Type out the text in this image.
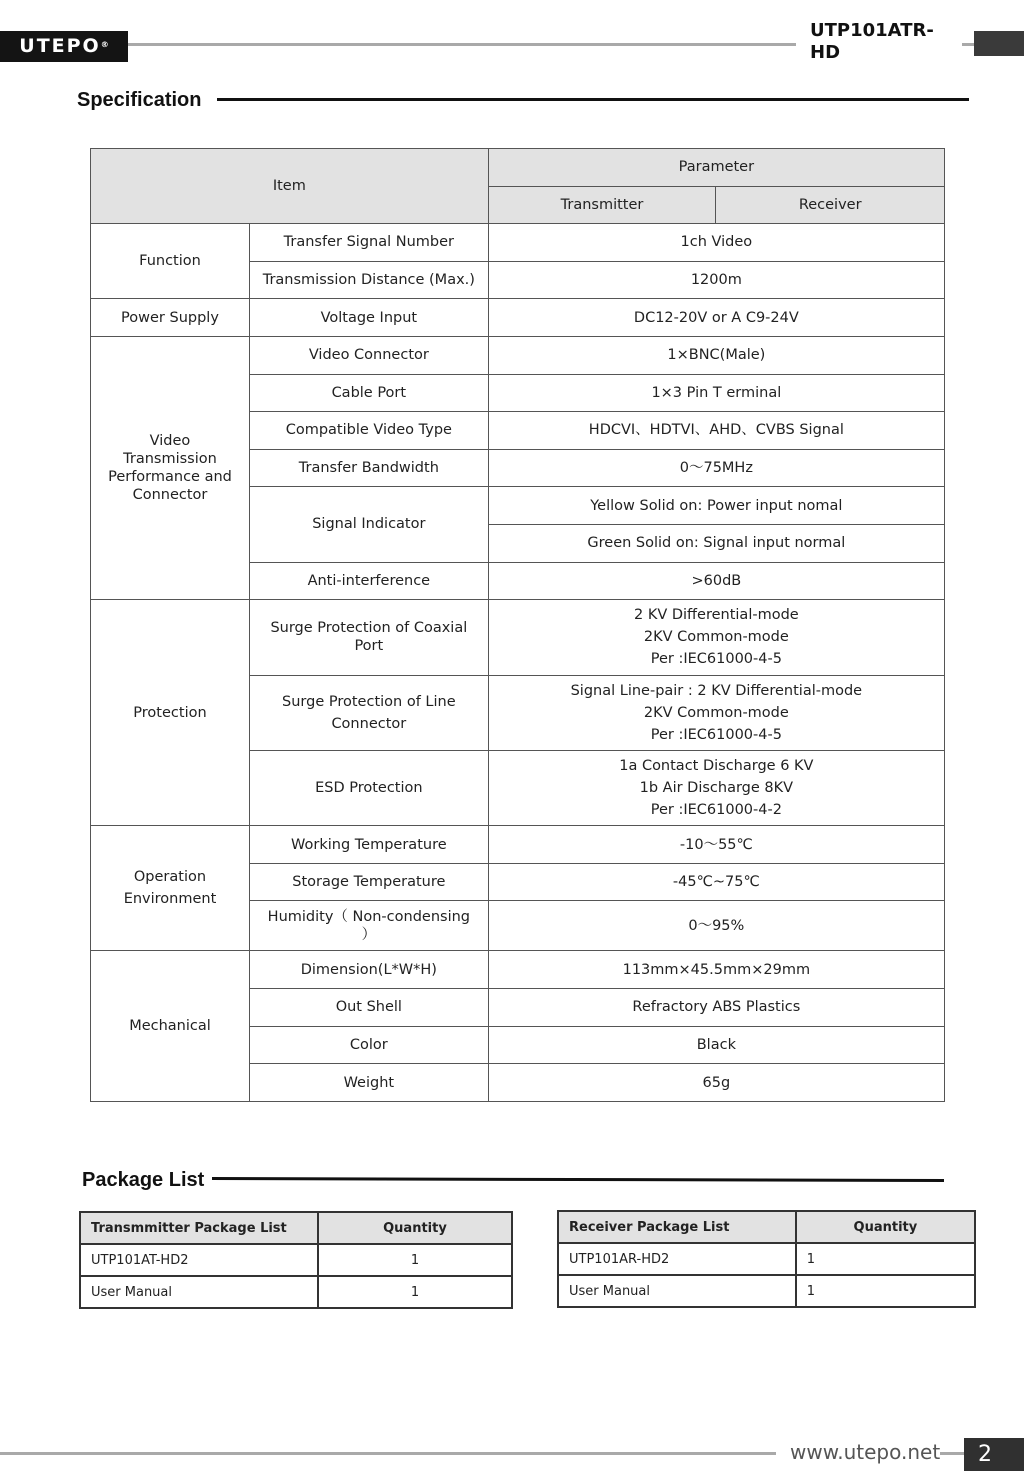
UTEPO®
UTP101ATR-HD
Specification
Item		Parameter	
		Transmitter	Receiver
Function	Transfer Signal Number	1ch Video	
	Transmission Distance (Max.)	1200m	
Power Supply	Voltage Input	DC12-20V or A C9-24V	
Video Transmission Performance and Connector	Video Connector	1×BNC(Male)	
	Cable Port	1×3 Pin T erminal	
	Compatible Video Type	HDCVI、HDTVI、AHD、CVBS Signal	
	Transfer Bandwidth	0～75MHz	
	Signal Indicator	Yellow Solid on: Power input nomal	
		Green Solid on: Signal input normal	
	Anti-interference	>60dB	
Protection	Surge Protection of Coaxial Port	2 KV Differential-mode
2KV Common-mode
Per :IEC61000-4-5	

	Surge Protection of Line Connector	Signal Line-pair : 2 KV Differential-mode
2KV Common-mode
Per :IEC61000-4-5	

	ESD Protection	1a Contact Discharge 6 KV
1b Air Discharge 8KV
Per :IEC61000-4-2	

Operation Environment	Working Temperature	-10～55℃	
	Storage Temperature	-45℃~75℃	
	Humidity（ Non-condensing ）	0～95%	
Mechanical	Dimension(L*W*H)	113mm×45.5mm×29mm	
	Out Shell	Refractory ABS Plastics	
	Color	Black	
	Weight	65g	
Package List
Transmmitter Package List	Quantity
UTP101AT-HD2	1
User Manual	1
Receiver Package List	Quantity
UTP101AR-HD2	1
User Manual	1
www.utepo.net	2
